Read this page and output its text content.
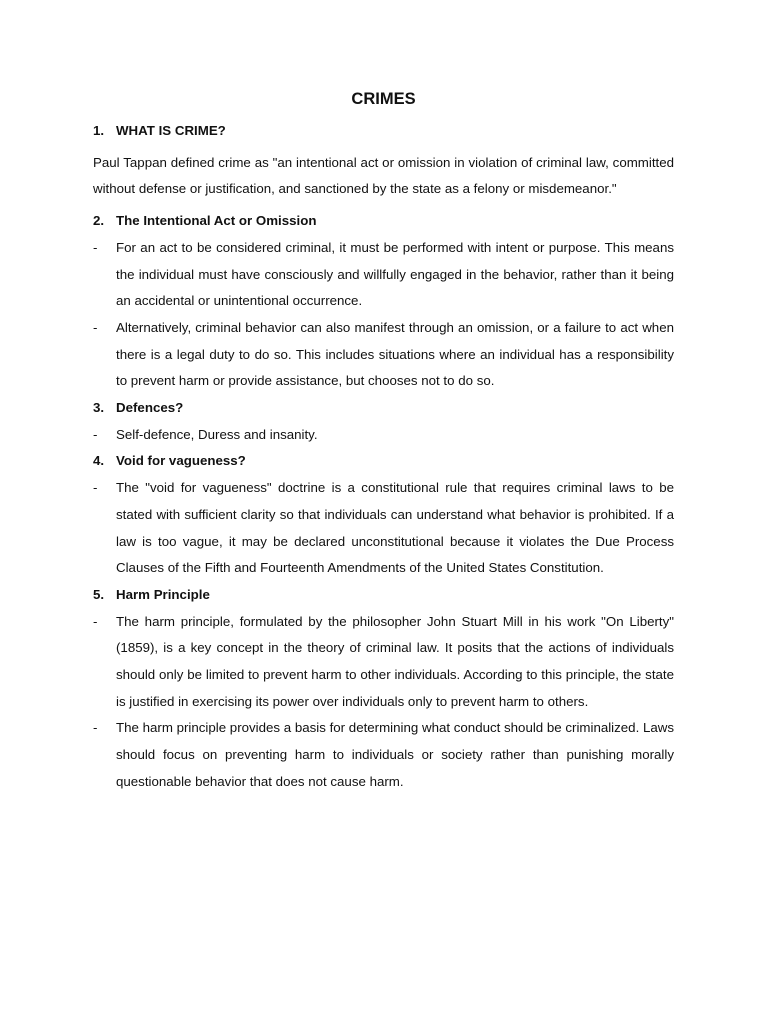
CRIMES
1. WHAT IS CRIME?
Paul Tappan defined crime as "an intentional act or omission in violation of criminal law, committed without defense or justification, and sanctioned by the state as a felony or misdemeanor."
2. The Intentional Act or Omission
-	For an act to be considered criminal, it must be performed with intent or purpose. This means the individual must have consciously and willfully engaged in the behavior, rather than it being an accidental or unintentional occurrence.
-	Alternatively, criminal behavior can also manifest through an omission, or a failure to act when there is a legal duty to do so. This includes situations where an individual has a responsibility to prevent harm or provide assistance, but chooses not to do so.
3. Defences?
-	Self-defence, Duress and insanity.
4. Void for vagueness?
-	The "void for vagueness" doctrine is a constitutional rule that requires criminal laws to be stated with sufficient clarity so that individuals can understand what behavior is prohibited. If a law is too vague, it may be declared unconstitutional because it violates the Due Process Clauses of the Fifth and Fourteenth Amendments of the United States Constitution.
5. Harm Principle
-	The harm principle, formulated by the philosopher John Stuart Mill in his work "On Liberty" (1859), is a key concept in the theory of criminal law. It posits that the actions of individuals should only be limited to prevent harm to other individuals. According to this principle, the state is justified in exercising its power over individuals only to prevent harm to others.
-	The harm principle provides a basis for determining what conduct should be criminalized. Laws should focus on preventing harm to individuals or society rather than punishing morally questionable behavior that does not cause harm.
